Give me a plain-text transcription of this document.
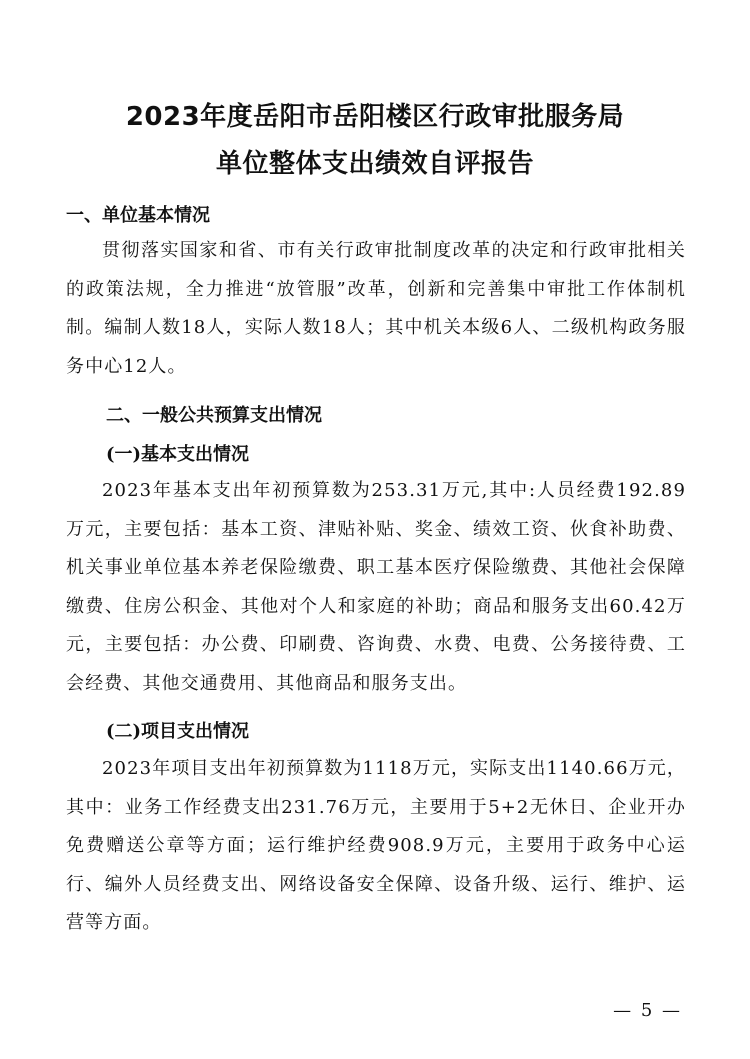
2023年度岳阳市岳阳楼区行政审批服务局
单位整体支出绩效自评报告
一、单位基本情况

贯彻落实国家和省、市有关行政审批制度改革的决定和行政审批相关的政策法规，全力推进“放管服”改革，创新和完善集中审批工作体制机制。编制人数18人，实际人数18人；其中机关本级6人、二级机构政务服务中心12人。

二、一般公共预算支出情况
(一)基本支出情况

2023年基本支出年初预算数为253.31万元,其中:人员经费192.89万元，主要包括：基本工资、津贴补贴、奖金、绩效工资、伙食补助费、机关事业单位基本养老保险缴费、职工基本医疗保险缴费、其他社会保障缴费、住房公积金、其他对个人和家庭的补助；商品和服务支出60.42万元，主要包括：办公费、印刷费、咨询费、水费、电费、公务接待费、工会经费、其他交通费用、其他商品和服务支出。

(二)项目支出情况

2023年项目支出年初预算数为1118万元，实际支出1140.66万元，其中：业务工作经费支出231.76万元，主要用于5+2无休日、企业开办免费赠送公章等方面；运行维护经费908.9万元，主要用于政务中心运行、编外人员经费支出、网络设备安全保障、设备升级、运行、维护、运营等方面。

— 5 —
